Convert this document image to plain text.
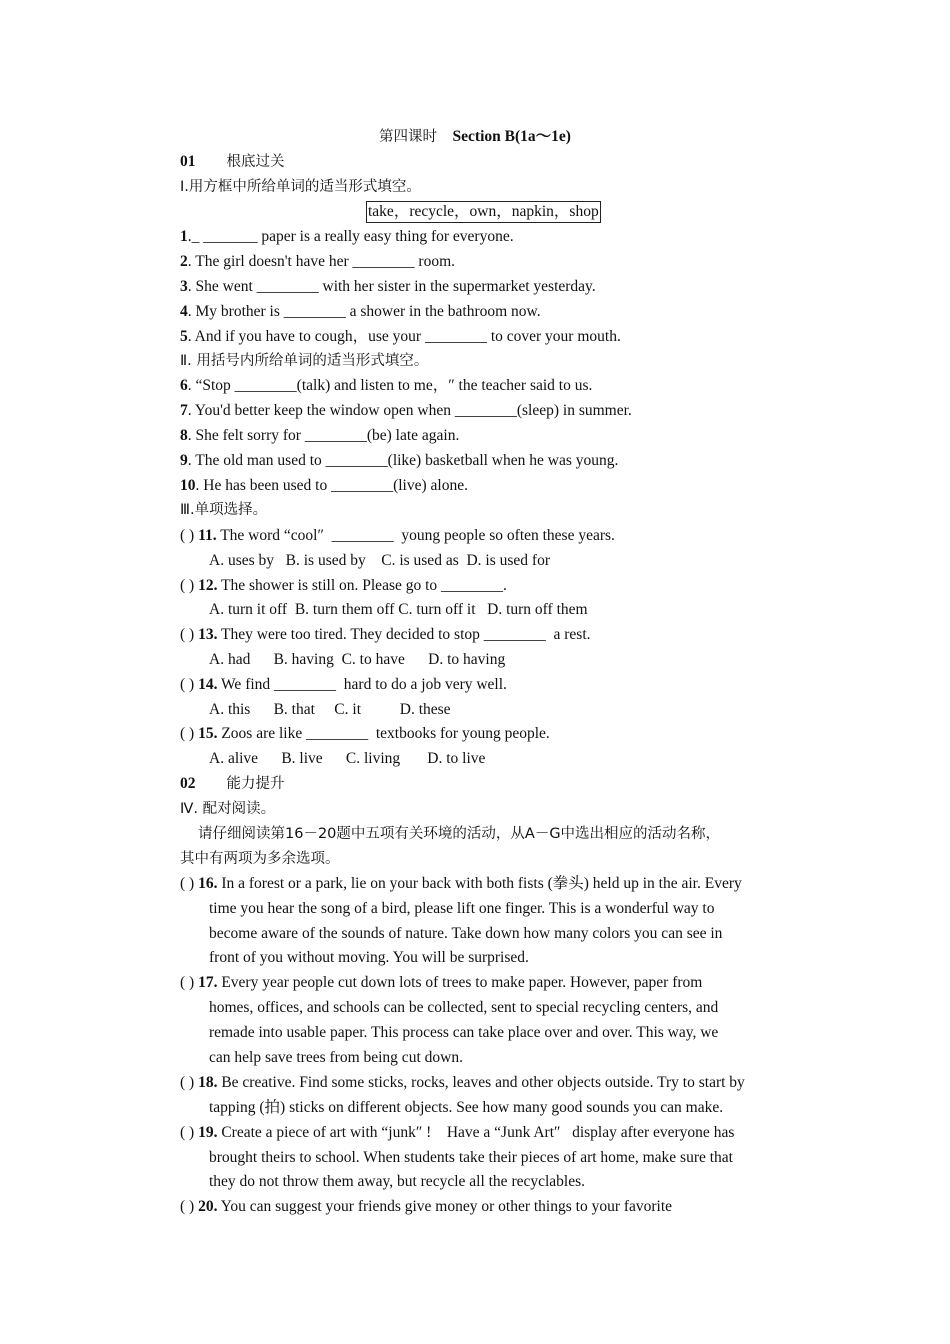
第四课时 Section B(1a～1e)
01 根底过关
Ⅰ.用方框中所给单词的适当形式填空。
take，recycle，own，napkin，shop
1._ _______ paper is a really easy thing for everyone.
2. The girl doesn't have her ________ room.
3. She went ________ with her sister in the supermarket yesterday.
4. My brother is ________ a shower in the bathroom now.
5. And if you have to cough，use your ________ to cover your mouth.
Ⅱ. 用括号内所给单词的适当形式填空。
6. “Stop ________(talk) and listen to me，″ the teacher said to us.
7. You'd better keep the window open when ________(sleep) in summer.
8. She felt sorry for ________(be) late again.
9. The old man used to ________(like) basketball when he was young.
10. He has been used to ________(live) alone.
Ⅲ.单项选择。
( ) 11. The word “cool″  ________  young people so often these years.
A. uses by   B. is used by    C. is used as  D. is used for
( ) 12. The shower is still on. Please go to ________.
A. turn it off  B. turn them off C. turn off it   D. turn off them
( ) 13. They were too tired. They decided to stop ________  a rest.
A. had      B. having  C. to have      D. to having
( ) 14. We find ________  hard to do a job very well.
A. this      B. that     C. it          D. these
( ) 15. Zoos are like ________  textbooks for young people.
A. alive      B. live      C. living       D. to live
02 能力提升
Ⅳ. 配对阅读。
请仔细阅读第16－20题中五项有关环境的活动，从A－G中选出相应的活动名称，
其中有两项为多余选项。
( ) 16. In a forest or a park, lie on your back with both fists (拳头) held up in the air. Every
time you hear the song of a bird, please lift one finger. This is a wonderful way to
become aware of the sounds of nature. Take down how many colors you can see in
front of you without moving. You will be surprised.
( ) 17. Every year people cut down lots of trees to make paper. However, paper from
homes, offices, and schools can be collected, sent to special recycling centers, and
remade into usable paper. This process can take place over and over. This way, we
can help save trees from being cut down.
( ) 18. Be creative. Find some sticks, rocks, leaves and other objects outside. Try to start by
tapping (拍) sticks on different objects. See how many good sounds you can make.
( ) 19. Create a piece of art with “junk″ !    Have a “Junk Art″   display after everyone has
brought theirs to school. When students take their pieces of art home, make sure that
they do not throw them away, but recycle all the recyclables.
( ) 20. You can suggest your friends give money or other things to your favorite
